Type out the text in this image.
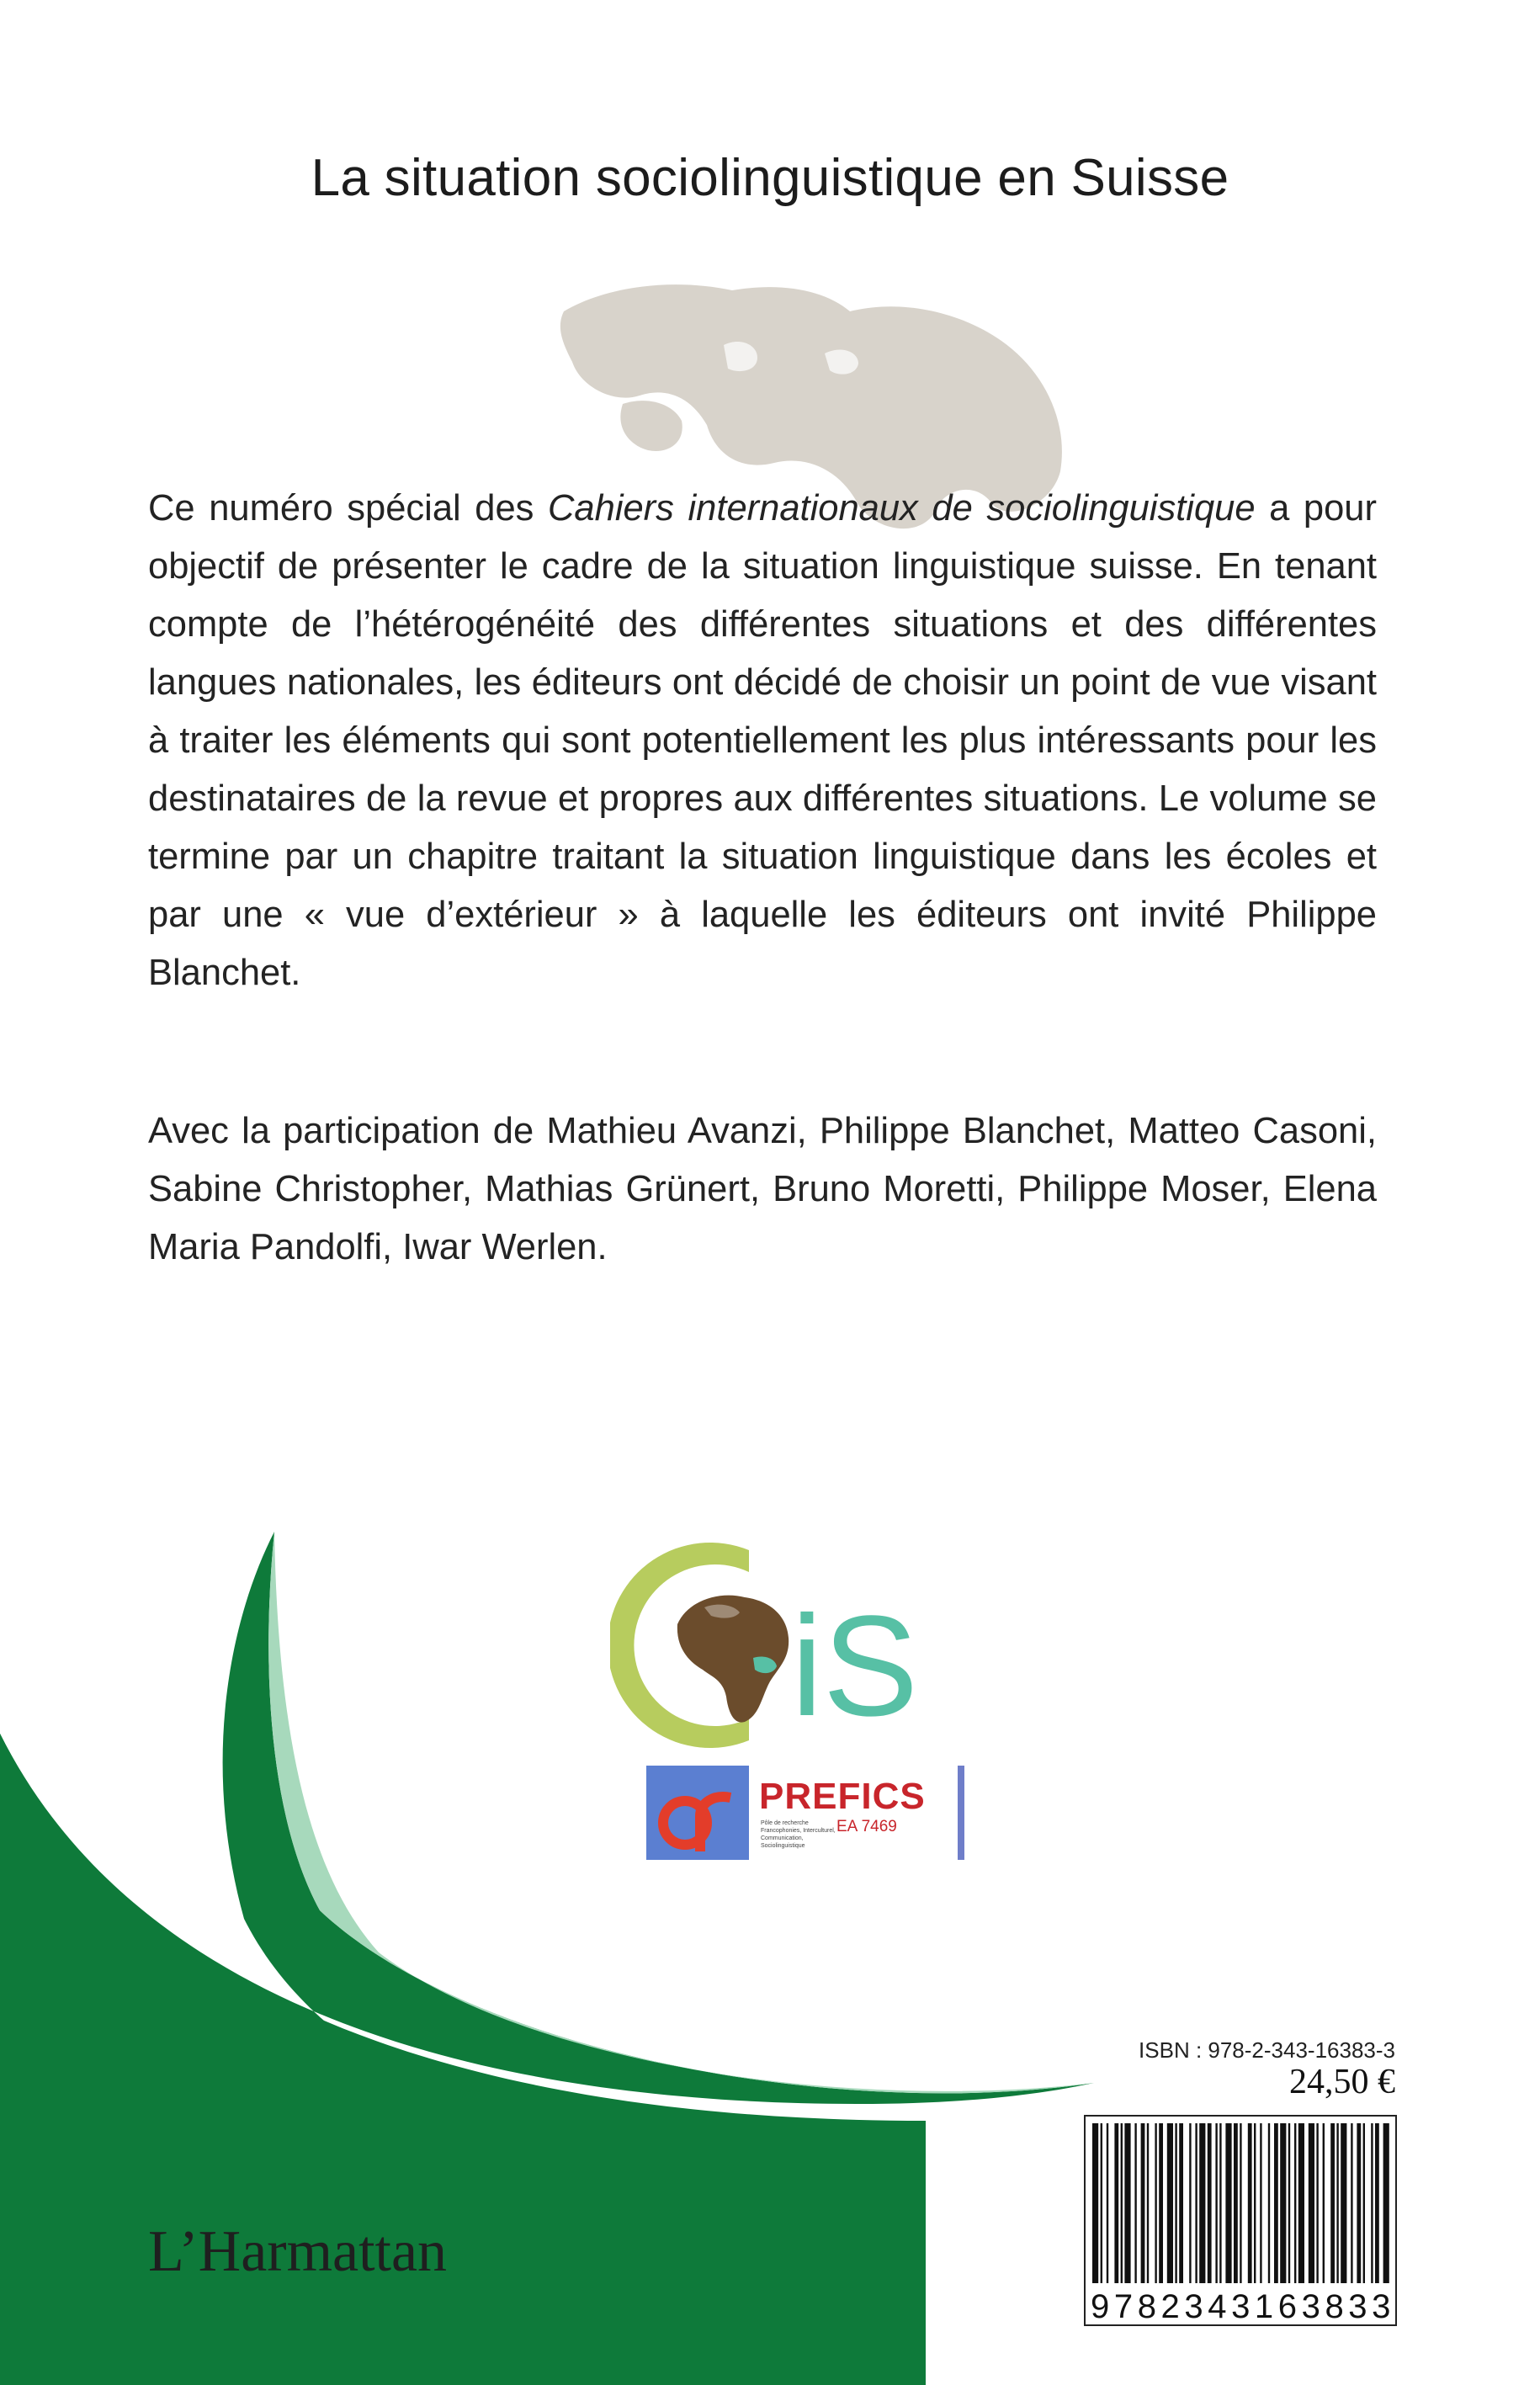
La situation sociolinguistique en Suisse
Ce numéro spécial des Cahiers internationaux de sociolinguistique a pour objectif de présenter le cadre de la situation linguistique suisse. En tenant compte de l’hétérogénéité des différentes situations et des différentes langues nationales, les éditeurs ont décidé de choisir un point de vue visant à traiter les éléments qui sont potentiellement les plus intéressants pour les destinataires de la revue et propres aux différentes situations. Le volume se termine par un chapitre traitant la situation linguistique dans les écoles et par une « vue d’extérieur » à laquelle les éditeurs ont invité Philippe Blanchet.
Avec la participation de Mathieu Avanzi, Philippe Blanchet, Matteo Casoni, Sabine Christopher, Mathias Grünert, Bruno Moretti, Philippe Moser, Elena Maria Pandolfi, Iwar Werlen.
iS
PREFICS
Pôle de recherche Francophonies, Interculturel, Communication, Sociolinguistique
EA 7469
ISBN : 978-2-343-16383-3
24,50 €
9782343163833
L’Harmattan
